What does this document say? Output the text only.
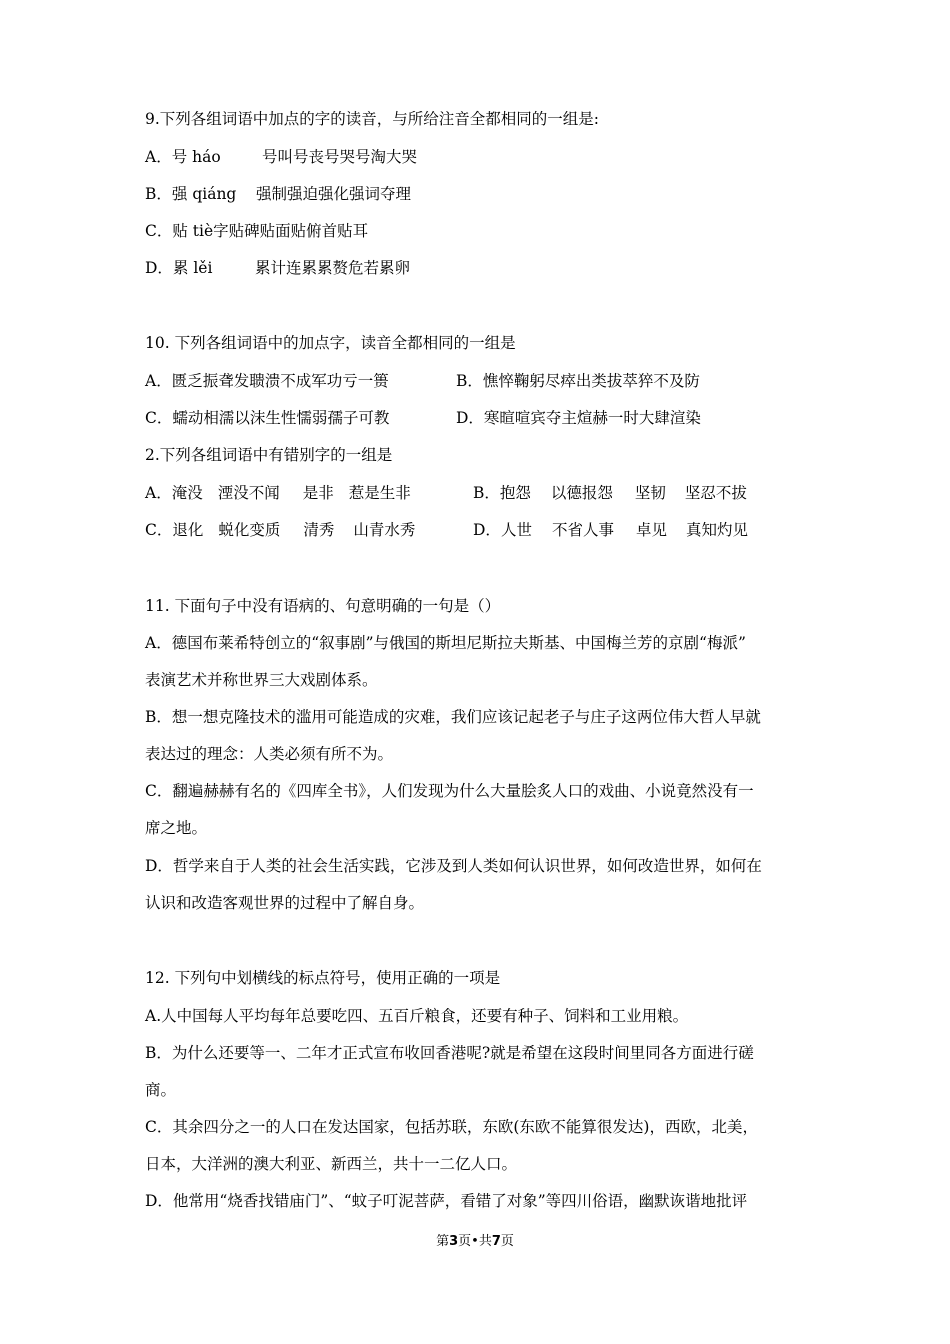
9.下列各组词语中加点的字的读音，与所给注音全都相同的一组是:
A．号 háo	号叫号丧号哭号淘大哭
B．强 qiáng 强制强迫强化强词夺理
C．贴 tiè字贴碑贴面贴俯首贴耳
D．累 lěi	累计连累累赘危若累卵
10. 下列各组词语中的加点字，读音全都相同的一组是
A．匮乏振聋发聩溃不成军功亏一篑	B．憔悴鞠躬尽瘁出类拔萃猝不及防
C．蠕动相濡以沫生性懦弱孺子可教	D．寒暄喧宾夺主煊赫一时大肆渲染
2.下列各组词语中有错别字的一组是
A．淹没 湮没不闻 是非 惹是生非	B．抱怨 以德报怨 坚韧 坚忍不拔
C．退化 蜕化变质 清秀 山青水秀	D．人世 不省人事 卓见 真知灼见
11. 下面句子中没有语病的、句意明确的一句是（）
A．德国布莱希特创立的“叙事剧”与俄国的斯坦尼斯拉夫斯基、中国梅兰芳的京剧“梅派”
表演艺术并称世界三大戏剧体系。
B．想一想克隆技术的滥用可能造成的灾难，我们应该记起老子与庄子这两位伟大哲人早就
表达过的理念：人类必须有所不为。
C．翻遍赫赫有名的《四库全书》，人们发现为什么大量脍炙人口的戏曲、小说竟然没有一
席之地。
D．哲学来自于人类的社会生活实践，它涉及到人类如何认识世界，如何改造世界，如何在
认识和改造客观世界的过程中了解自身。
12. 下列句中划横线的标点符号，使用正确的一项是
A.人中国每人平均每年总要吃四、五百斤粮食，还要有种子、饲料和工业用粮。
B．为什么还要等一、二年才正式宣布收回香港呢?就是希望在这段时间里同各方面进行磋
商。
C．其余四分之一的人口在发达国家，包括苏联，东欧(东欧不能算很发达)，西欧，北美，
日本，大洋洲的澳大利亚、新西兰，共十一二亿人口。
D．他常用“烧香找错庙门”、“蚊子叮泥菩萨，看错了对象”等四川俗语，幽默诙谐地批评
第3页•共7页
